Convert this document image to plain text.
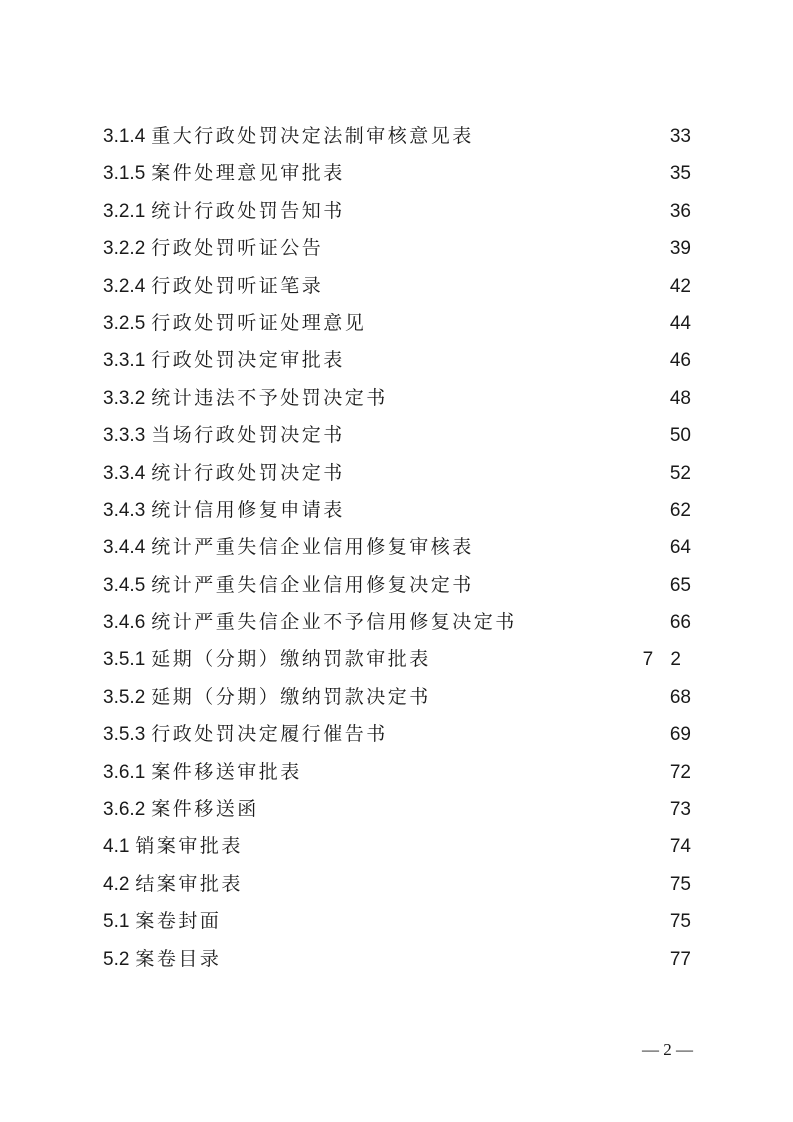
3.1.4 重大行政处罚决定法制审核意见表	33
3.1.5 案件处理意见审批表	35
3.2.1 统计行政处罚告知书	36
3.2.2 行政处罚听证公告	39
3.2.4 行政处罚听证笔录	42
3.2.5 行政处罚听证处理意见	44
3.3.1 行政处罚决定审批表	46
3.3.2 统计违法不予处罚决定书	48
3.3.3 当场行政处罚决定书	50
3.3.4 统计行政处罚决定书	52
3.4.3 统计信用修复申请表	62
3.4.4 统计严重失信企业信用修复审核表	64
3.4.5 统计严重失信企业信用修复决定书	65
3.4.6 统计严重失信企业不予信用修复决定书	66
3.5.1 延期（分期）缴纳罚款审批表	7 2
3.5.2 延期（分期）缴纳罚款决定书	68
3.5.3 行政处罚决定履行催告书	69
3.6.1 案件移送审批表	72
3.6.2 案件移送函	73
4.1 销案审批表	74
4.2 结案审批表	75
5.1 案卷封面	75
5.2 案卷目录	77
— 2 —
